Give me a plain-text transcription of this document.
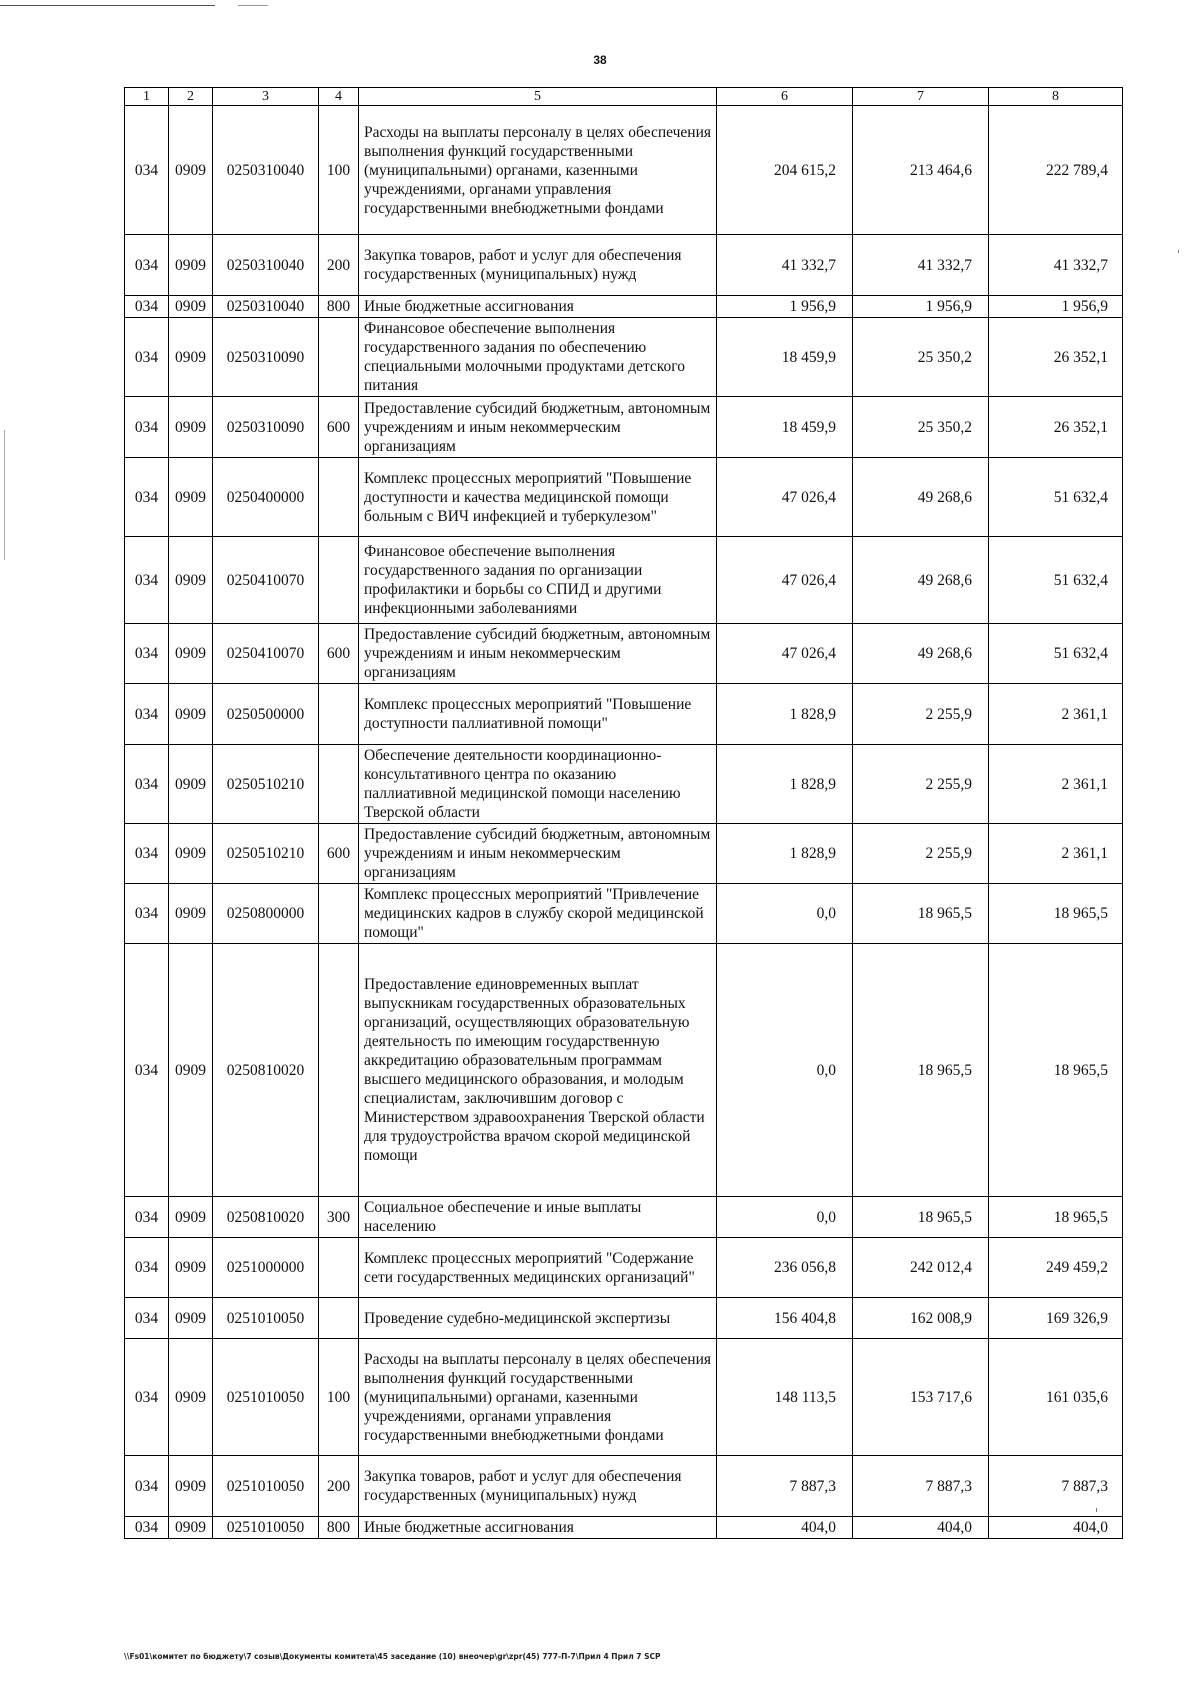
38
1	2	3	4	5	6	7	8
034	0909	0250310040	100	Расходы на выплаты персоналу в целях обеспечения выполнения функций государственными (муниципальными) органами, казенными учреждениями, органами управления государственными внебюджетными фондами	204 615,2	213 464,6	222 789,4
034	0909	0250310040	200	Закупка товаров, работ и услуг для обеспечения государственных (муниципальных) нужд	41 332,7	41 332,7	41 332,7
034	0909	0250310040	800	Иные бюджетные ассигнования	1 956,9	1 956,9	1 956,9
034	0909	0250310090		Финансовое обеспечение выполнения государственного задания по обеспечению специальными молочными продуктами детского питания	18 459,9	25 350,2	26 352,1
034	0909	0250310090	600	Предоставление субсидий бюджетным, автономным учреждениям и иным некоммерческим организациям	18 459,9	25 350,2	26 352,1
034	0909	0250400000		Комплекс процессных мероприятий "Повышение доступности и качества медицинской помощи больным с ВИЧ инфекцией и туберкулезом"	47 026,4	49 268,6	51 632,4
034	0909	0250410070		Финансовое обеспечение выполнения государственного задания по организации профилактики и борьбы со СПИД и другими инфекционными заболеваниями	47 026,4	49 268,6	51 632,4
034	0909	0250410070	600	Предоставление субсидий бюджетным, автономным учреждениям и иным некоммерческим организациям	47 026,4	49 268,6	51 632,4
034	0909	0250500000		Комплекс процессных мероприятий "Повышение доступности паллиативной помощи"	1 828,9	2 255,9	2 361,1
034	0909	0250510210		Обеспечение деятельности координационно-консультативного центра по оказанию паллиативной медицинской помощи населению Тверской области	1 828,9	2 255,9	2 361,1
034	0909	0250510210	600	Предоставление субсидий бюджетным, автономным учреждениям и иным некоммерческим организациям	1 828,9	2 255,9	2 361,1
034	0909	0250800000		Комплекс процессных мероприятий "Привлечение медицинских кадров в службу скорой медицинской помощи"	0,0	18 965,5	18 965,5
034	0909	0250810020		Предоставление единовременных выплат выпускникам государственных образовательных организаций, осуществляющих образовательную деятельность по имеющим государственную аккредитацию образовательным программам высшего медицинского образования, и молодым специалистам, заключившим договор с Министерством здравоохранения Тверской области для трудоустройства врачом скорой медицинской помощи	0,0	18 965,5	18 965,5
034	0909	0250810020	300	Социальное обеспечение и иные выплаты населению	0,0	18 965,5	18 965,5
034	0909	0251000000		Комплекс процессных мероприятий "Содержание сети государственных медицинских организаций"	236 056,8	242 012,4	249 459,2
034	0909	0251010050		Проведение судебно-медицинской экспертизы	156 404,8	162 008,9	169 326,9
034	0909	0251010050	100	Расходы на выплаты персоналу в целях обеспечения выполнения функций государственными (муниципальными) органами, казенными учреждениями, органами управления государственными внебюджетными фондами	148 113,5	153 717,6	161 035,6
034	0909	0251010050	200	Закупка товаров, работ и услуг для обеспечения государственных (муниципальных) нужд	7 887,3	7 887,3	7 887,3
034	0909	0251010050	800	Иные бюджетные ассигнования	404,0	404,0	404,0
\\Fs01\комитет по бюджету\7 созыв\Документы комитета\45 заседание (10) внеочер\gr\zpr(45) 777-П-7\Прил 4 Прил 7 SCP
